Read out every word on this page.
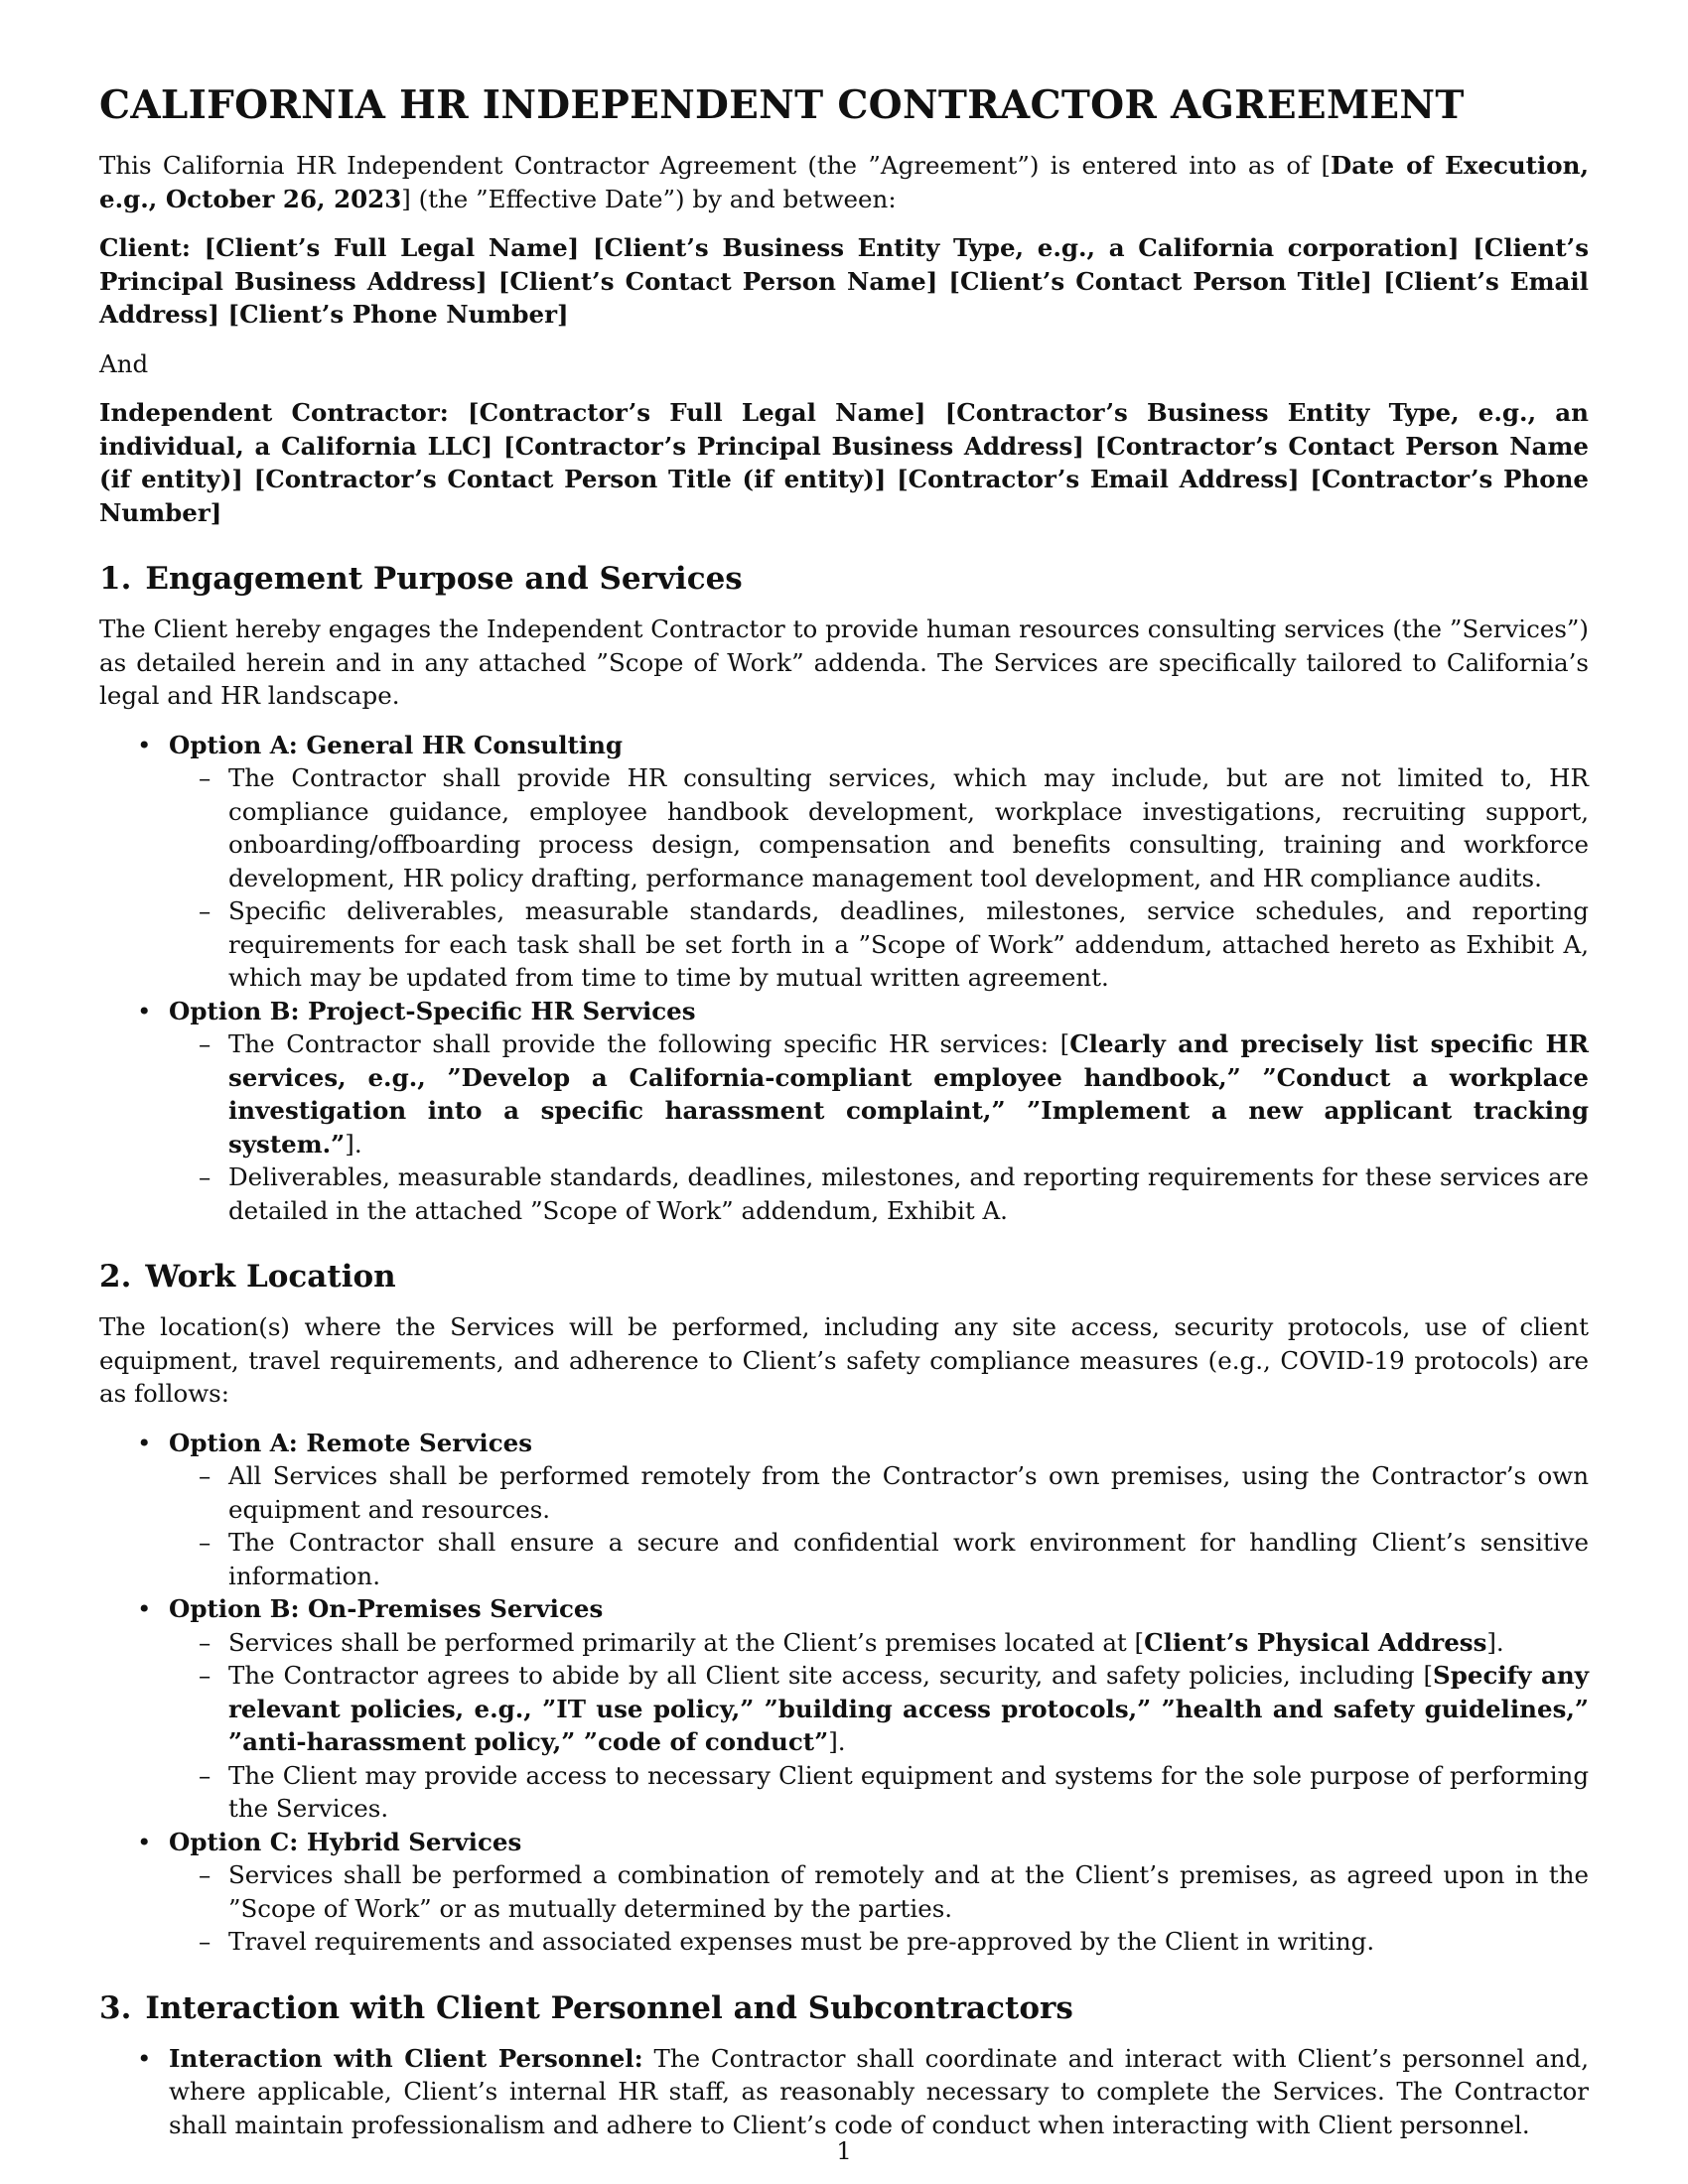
CALIFORNIA HR INDEPENDENT CONTRACTOR AGREEMENT

This California HR Independent Contractor Agreement (the ”Agreement”) is entered into as of [Date of Execution, e.g., October 26, 2023] (the ”Effective Date”) by and between:

Client: [Client’s Full Legal Name] [Client’s Business Entity Type, e.g., a California corporation] [Client’s Principal Business Address] [Client’s Contact Person Name] [Client’s Contact Person Title] [Client’s Email Address] [Client’s Phone Number]

And

Independent Contractor: [Contractor’s Full Legal Name] [Contractor’s Business Entity Type, e.g., an individual, a California LLC] [Contractor’s Principal Business Address] [Contractor’s Contact Person Name (if entity)] [Contractor’s Contact Person Title (if entity)] [Contractor’s Email Address] [Contractor’s Phone Number]

1. Engagement Purpose and Services

The Client hereby engages the Independent Contractor to provide human resources consulting services (the ”Services”) as detailed herein and in any attached ”Scope of Work” addenda. The Services are specifically tailored to California’s legal and HR landscape.

• Option A: General HR Consulting
– The Contractor shall provide HR consulting services, which may include, but are not limited to, HR compliance guidance, employee handbook development, workplace investigations, recruiting support, onboarding/offboarding process design, compensation and benefits consulting, training and workforce development, HR policy drafting, performance management tool development, and HR compliance audits.
– Specific deliverables, measurable standards, deadlines, milestones, service schedules, and reporting requirements for each task shall be set forth in a ”Scope of Work” addendum, attached hereto as Exhibit A, which may be updated from time to time by mutual written agreement.
• Option B: Project-Specific HR Services
– The Contractor shall provide the following specific HR services: [Clearly and precisely list specific HR services, e.g., ”Develop a California-compliant employee handbook,” ”Conduct a workplace investigation into a specific harassment complaint,” ”Implement a new applicant tracking system.”].
– Deliverables, measurable standards, deadlines, milestones, and reporting requirements for these services are detailed in the attached ”Scope of Work” addendum, Exhibit A.
2. Work Location

The location(s) where the Services will be performed, including any site access, security protocols, use of client equipment, travel requirements, and adherence to Client’s safety compliance measures (e.g., COVID-19 protocols) are as follows:

• Option A: Remote Services
– All Services shall be performed remotely from the Contractor’s own premises, using the Contractor’s own equipment and resources.
– The Contractor shall ensure a secure and confidential work environment for handling Client’s sensitive information.
• Option B: On-Premises Services
– Services shall be performed primarily at the Client’s premises located at [Client’s Physical Address].
– The Contractor agrees to abide by all Client site access, security, and safety policies, including [Specify any relevant policies, e.g., ”IT use policy,” ”building access protocols,” ”health and safety guidelines,” ”anti-harassment policy,” ”code of conduct”].
– The Client may provide access to necessary Client equipment and systems for the sole purpose of performing the Services.
• Option C: Hybrid Services
– Services shall be performed a combination of remotely and at the Client’s premises, as agreed upon in the ”Scope of Work” or as mutually determined by the parties.
– Travel requirements and associated expenses must be pre-approved by the Client in writing.
3. Interaction with Client Personnel and Subcontractors
• Interaction with Client Personnel: The Contractor shall coordinate and interact with Client’s personnel and, where applicable, Client’s internal HR staff, as reasonably necessary to complete the Services. The Contractor shall maintain professionalism and adhere to Client’s code of conduct when interacting with Client personnel.
1
